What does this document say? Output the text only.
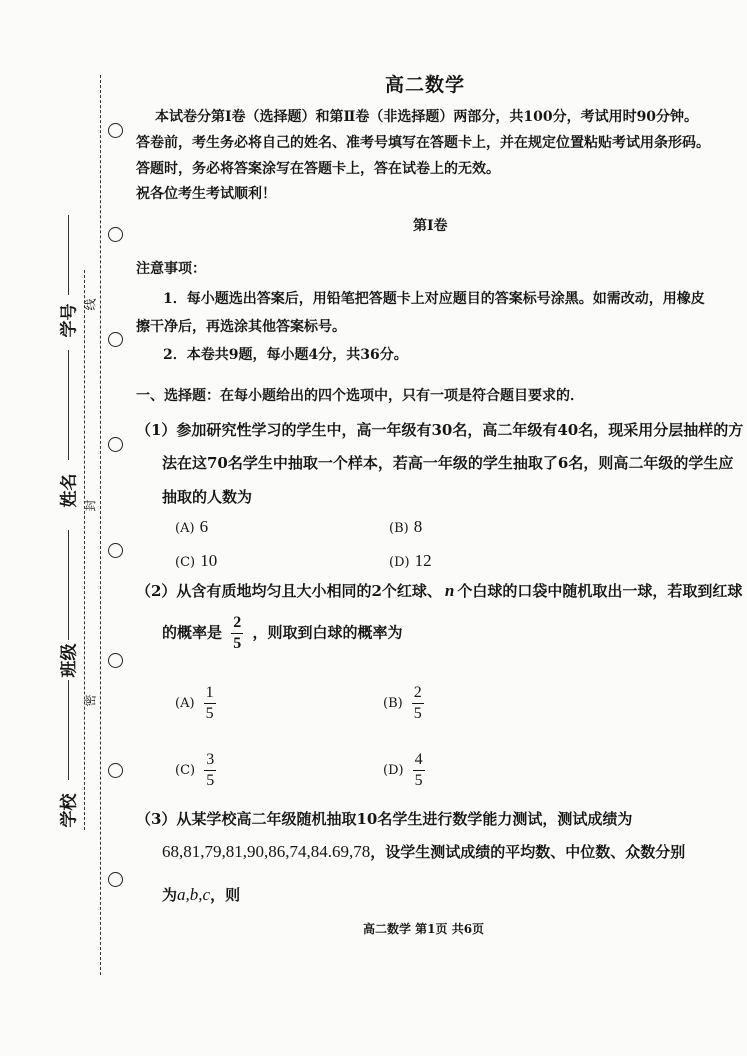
学号
姓名
班级
学校
线
封
密
高二数学
本试卷分第Ⅰ卷（选择题）和第Ⅱ卷（非选择题）两部分，共100分，考试用时90分钟。
答卷前，考生务必将自己的姓名、准考号填写在答题卡上，并在规定位置粘贴考试用条形码。
答题时，务必将答案涂写在答题卡上，答在试卷上的无效。
祝各位考生考试顺利！
第Ⅰ卷
注意事项：
1．每小题选出答案后，用铅笔把答题卡上对应题目的答案标号涂黑。如需改动，用橡皮
擦干净后，再选涂其他答案标号。
2．本卷共9题，每小题4分，共36分。
一、选择题：在每小题给出的四个选项中，只有一项是符合题目要求的．
（1）参加研究性学习的学生中，高一年级有30名，高二年级有40名，现采用分层抽样的方
法在这70名学生中抽取一个样本，若高一年级的学生抽取了6名，则高二年级的学生应
抽取的人数为
(A) 6	(B) 8
(C) 10	(D) 12
（2）从含有质地均匀且大小相同的2个红球、 n 个白球的口袋中随机取出一球，若取到红球
的概率是 $\frac{2}{5}$ ，则取到白球的概率为
$(A) \frac{1}{5}$	$(B) \frac{2}{5}$
$(C) \frac{3}{5}$	$(D) \frac{4}{5}$
（3）从某学校高二年级随机抽取10名学生进行数学能力测试，测试成绩为
68,81,79,81,90,86,74,84.69,78，设学生测试成绩的平均数、中位数、众数分别
为a,b,c，则
高二数学 第1页 共6页
